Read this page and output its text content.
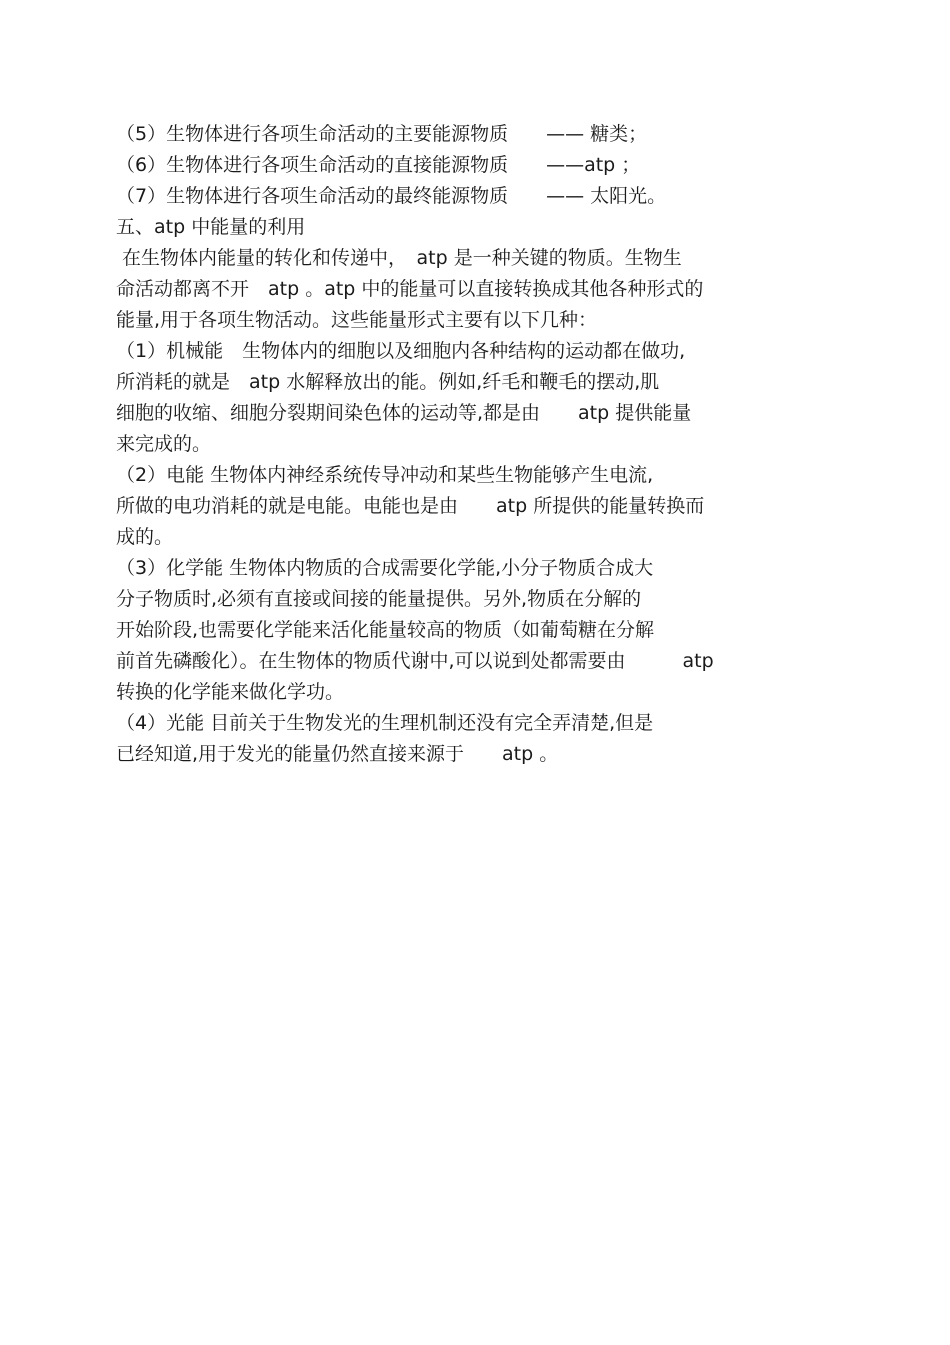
（5）生物体进行各项生命活动的主要能源物质　　—— 糖类；
（6）生物体进行各项生命活动的直接能源物质　　——atp ；
（7）生物体进行各项生命活动的最终能源物质　　—— 太阳光。
五、atp 中能量的利用
在生物体内能量的转化和传递中，　atp 是一种关键的物质。生物生
命活动都离不开　atp 。atp 中的能量可以直接转换成其他各种形式的
能量,用于各项生物活动。这些能量形式主要有以下几种：
（1）机械能　生物体内的细胞以及细胞内各种结构的运动都在做功,
所消耗的就是　atp 水解释放出的能。例如,纤毛和鞭毛的摆动,肌
细胞的收缩、细胞分裂期间染色体的运动等,都是由　　atp 提供能量
来完成的。
（2）电能 生物体内神经系统传导冲动和某些生物能够产生电流,
所做的电功消耗的就是电能。电能也是由　　atp 所提供的能量转换而
成的。
（3）化学能 生物体内物质的合成需要化学能,小分子物质合成大
分子物质时,必须有直接或间接的能量提供。另外,物质在分解的
开始阶段,也需要化学能来活化能量较高的物质（如葡萄糖在分解
前首先磷酸化）。在生物体的物质代谢中,可以说到处都需要由　　　atp
转换的化学能来做化学功。
（4）光能 目前关于生物发光的生理机制还没有完全弄清楚,但是
已经知道,用于发光的能量仍然直接来源于　　atp 。
